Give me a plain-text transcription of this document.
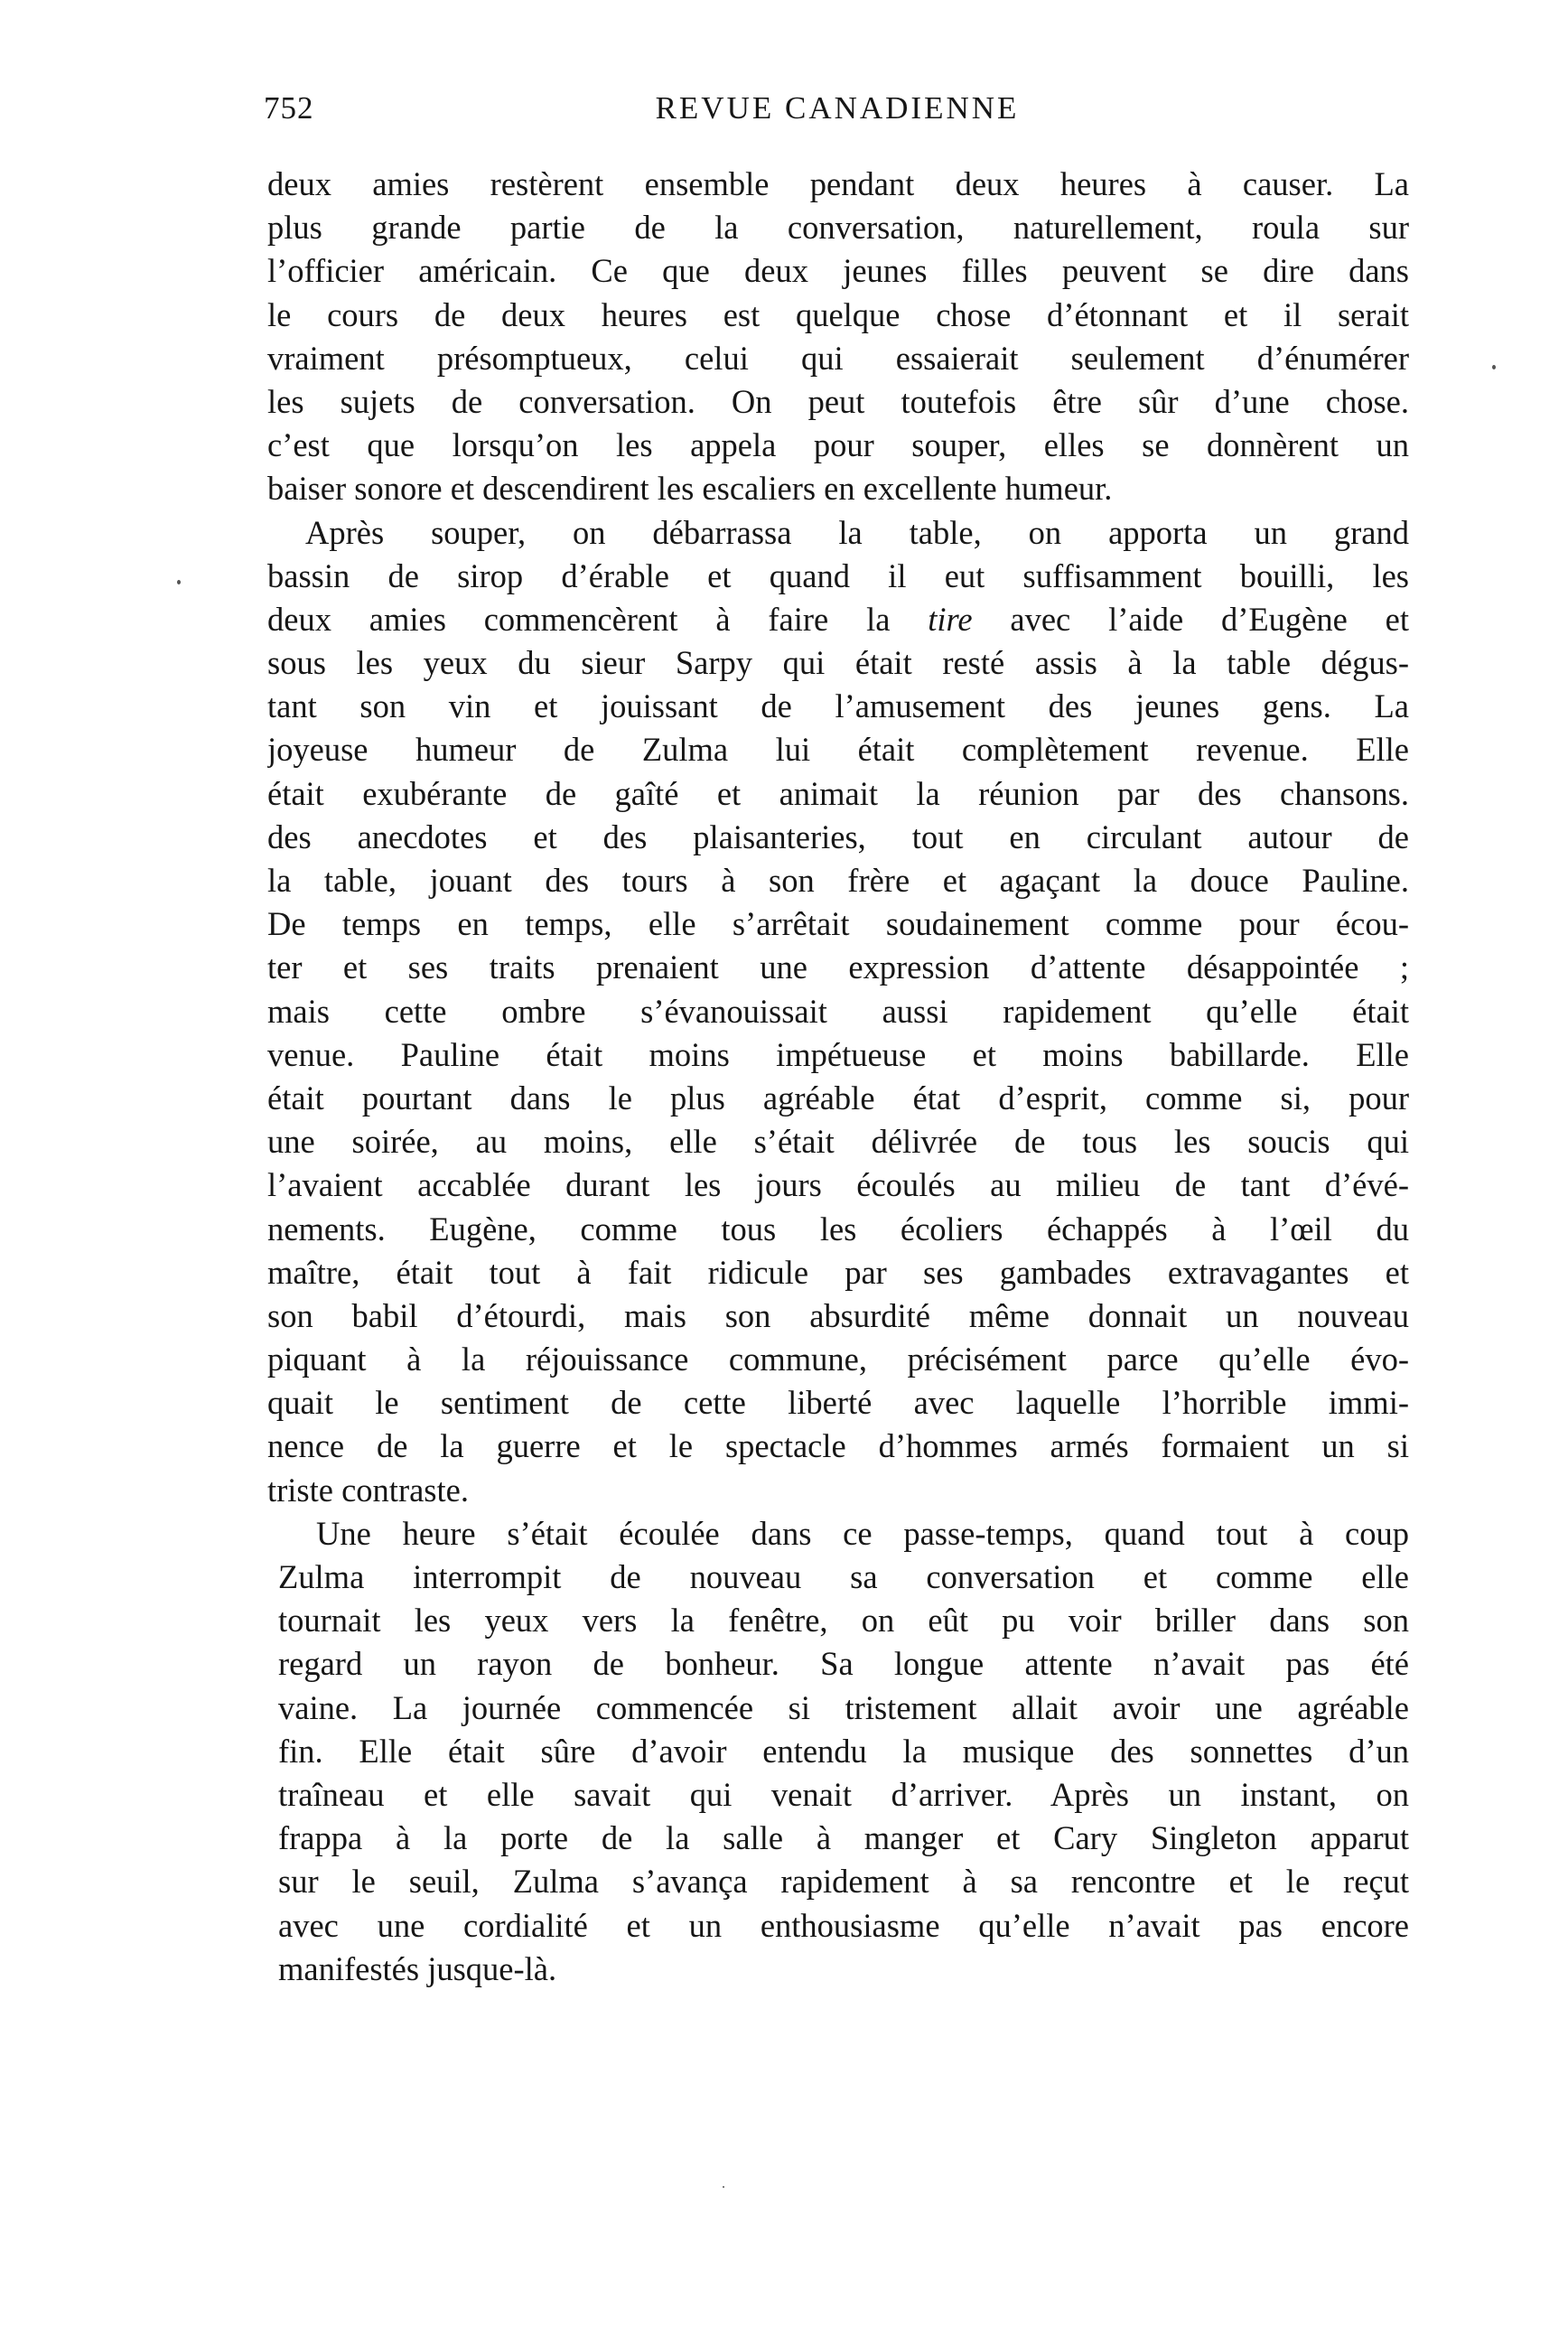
752	REVUE CANADIENNE
deux amies restèrent ensemble pendant deux heures à causer. La
plus grande partie de la conversation, naturellement, roula sur
l’officier américain. Ce que deux jeunes filles peuvent se dire dans
le cours de deux heures est quelque chose d’étonnant et il serait
vraiment présomptueux, celui qui essaierait seulement d’énumérer
les sujets de conversation. On peut toutefois être sûr d’une chose.
c’est que lorsqu’on les appela pour souper, elles se donnèrent un
baiser sonore et descendirent les escaliers en excellente humeur.
Après souper, on débarrassa la table, on apporta un grand
bassin de sirop d’érable et quand il eut suffisamment bouilli, les
deux amies commencèrent à faire la tire avec l’aide d’Eugène et
sous les yeux du sieur Sarpy qui était resté assis à la table dégus-
tant son vin et jouissant de l’amusement des jeunes gens. La
joyeuse humeur de Zulma lui était complètement revenue. Elle
était exubérante de gaîté et animait la réunion par des chansons.
des anecdotes et des plaisanteries, tout en circulant autour de
la table, jouant des tours à son frère et agaçant la douce Pauline.
De temps en temps, elle s’arrêtait soudainement comme pour écou-
ter et ses traits prenaient une expression d’attente désappointée ;
mais cette ombre s’évanouissait aussi rapidement qu’elle était
venue. Pauline était moins impétueuse et moins babillarde. Elle
était pourtant dans le plus agréable état d’esprit, comme si, pour
une soirée, au moins, elle s’était délivrée de tous les soucis qui
l’avaient accablée durant les jours écoulés au milieu de tant d’évé-
nements. Eugène, comme tous les écoliers échappés à l’œil du
maître, était tout à fait ridicule par ses gambades extravagantes et
son babil d’étourdi, mais son absurdité même donnait un nouveau
piquant à la réjouissance commune, précisément parce qu’elle évo-
quait le sentiment de cette liberté avec laquelle l’horrible immi-
nence de la guerre et le spectacle d’hommes armés formaient un si
triste contraste.
Une heure s’était écoulée dans ce passe-temps, quand tout à coup
Zulma interrompit de nouveau sa conversation et comme elle
tournait les yeux vers la fenêtre, on eût pu voir briller dans son
regard un rayon de bonheur. Sa longue attente n’avait pas été
vaine. La journée commencée si tristement allait avoir une agréable
fin. Elle était sûre d’avoir entendu la musique des sonnettes d’un
traîneau et elle savait qui venait d’arriver. Après un instant, on
frappa à la porte de la salle à manger et Cary Singleton apparut
sur le seuil, Zulma s’avança rapidement à sa rencontre et le reçut
avec une cordialité et un enthousiasme qu’elle n’avait pas encore
manifestés jusque-là.
